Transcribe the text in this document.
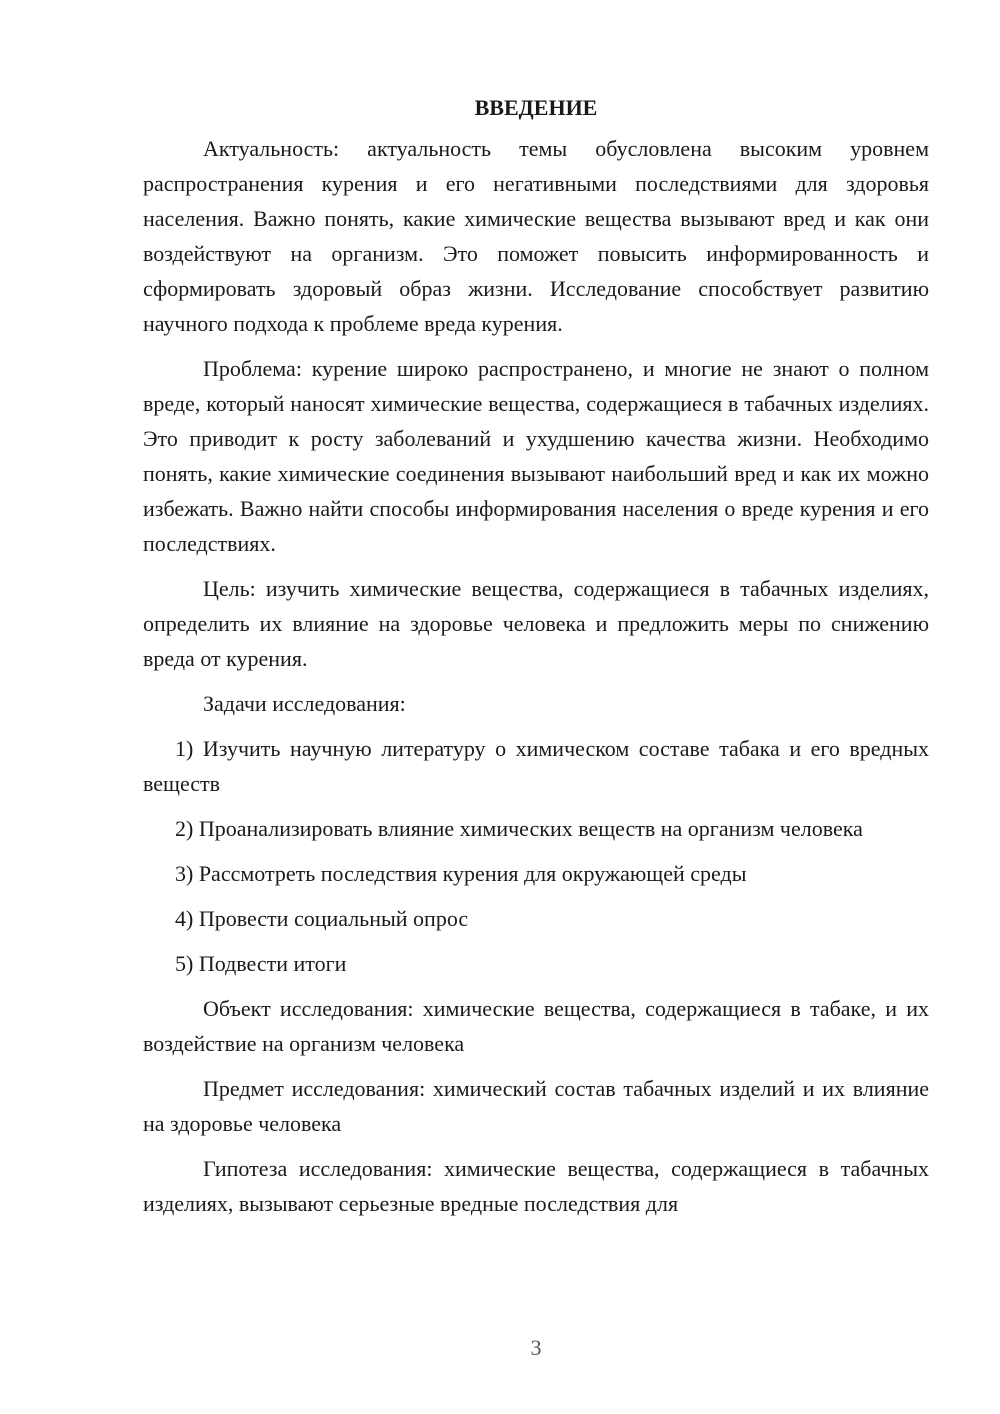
ВВЕДЕНИЕ

Актуальность: актуальность темы обусловлена высоким уровнем распространения курения и его негативными последствиями для здоровья населения. Важно понять, какие химические вещества вызывают вред и как они воздействуют на организм. Это поможет повысить информированность и сформировать здоровый образ жизни. Исследование способствует развитию научного подхода к проблеме вреда курения.

Проблема: курение широко распространено, и многие не знают о полном вреде, который наносят химические вещества, содержащиеся в табачных изделиях. Это приводит к росту заболеваний и ухудшению качества жизни. Необходимо понять, какие химические соединения вызывают наибольший вред и как их можно избежать. Важно найти способы информирования населения о вреде курения и его последствиях.

Цель: изучить химические вещества, содержащиеся в табачных изделиях, определить их влияние на здоровье человека и предложить меры по снижению вреда от курения.

Задачи исследования:

1) Изучить научную литературу о химическом составе табака и его вредных веществ

2) Проанализировать влияние химических веществ на организм человека

3) Рассмотреть последствия курения для окружающей среды

4) Провести социальный опрос

5) Подвести итоги

Объект исследования: химические вещества, содержащиеся в табаке, и их воздействие на организм человека

Предмет исследования: химический состав табачных изделий и их влияние на здоровье человека

Гипотеза исследования: химические вещества, содержащиеся в табачных изделиях, вызывают серьезные вредные последствия для

3
